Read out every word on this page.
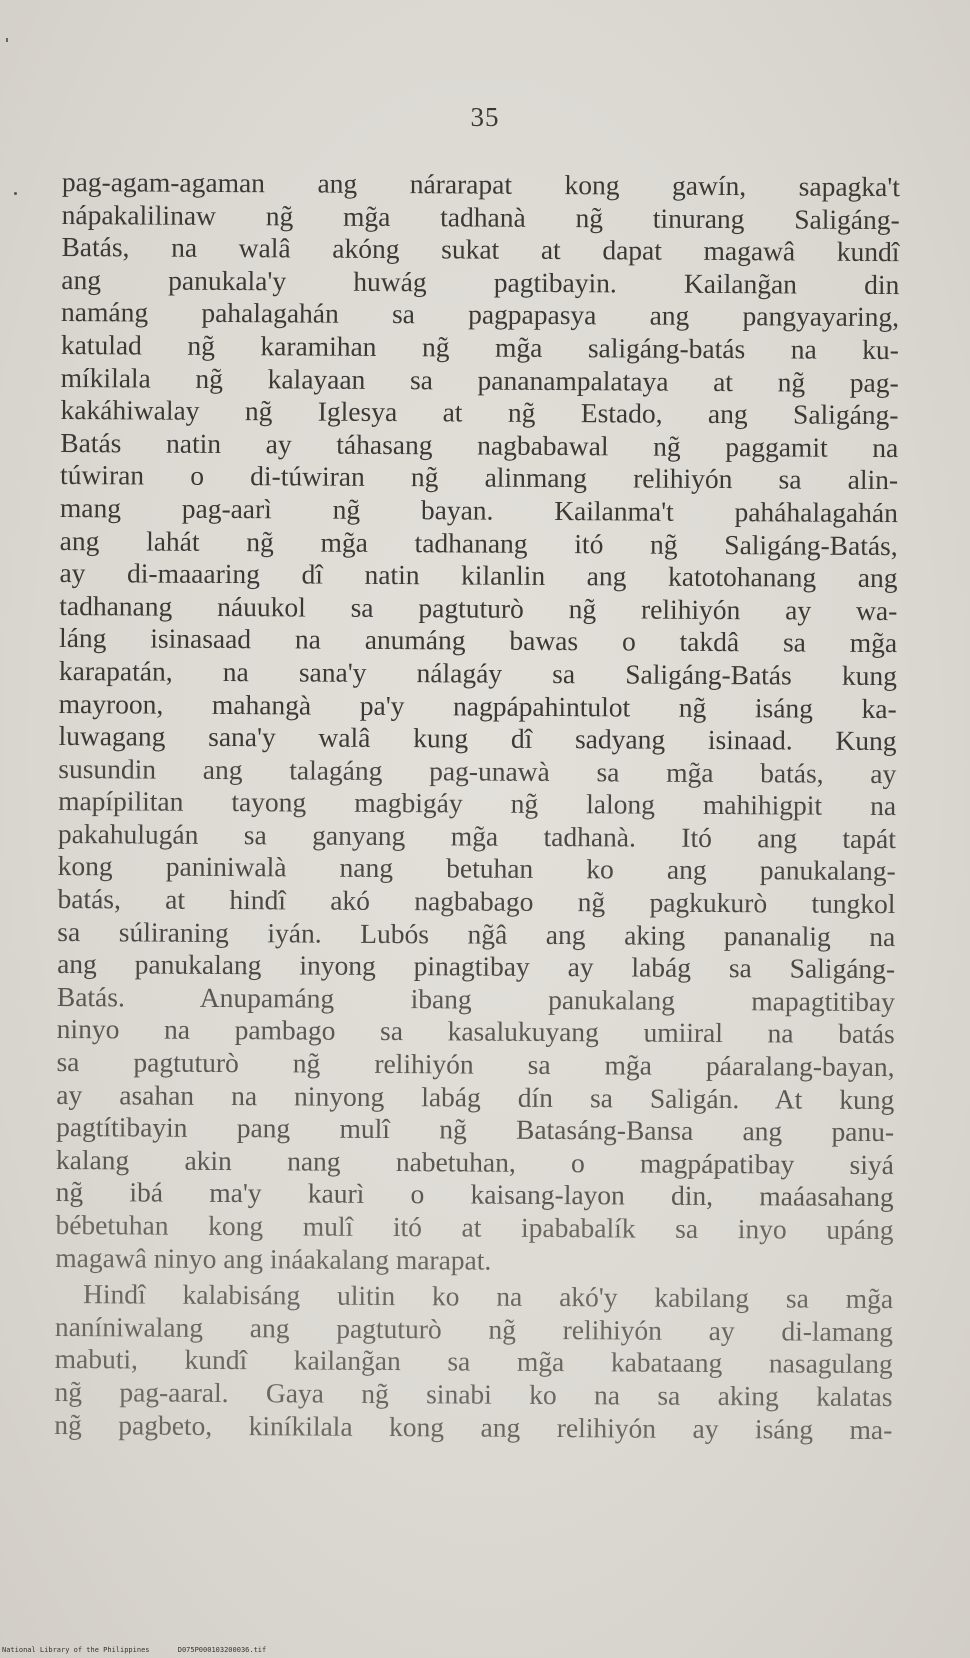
35
pag-agam-agaman ang nárarapat kong gawín, sapagka't
nápakalilinaw ng̃ mg̃a tadhanà ng̃ tinurang Saligáng-
Batás, na walâ akóng sukat at dapat magawâ kundî
ang panukala'y huwág pagtibayin. Kailang̃an din
namáng pahalagahán sa pagpapasya ang pangyayaring,
katulad ng̃ karamihan ng̃ mg̃a saligáng-batás na ku-
míkilala ng̃ kalayaan sa pananampalataya at ng̃ pag-
kakáhiwalay ng̃ Iglesya at ng̃ Estado, ang Saligáng-
Batás natin ay táhasang nagbabawal ng̃ paggamit na
túwiran o di-túwiran ng̃ alinmang relihiyón sa alin-
mang pag-aarì ng̃ bayan. Kailanma't paháhalagahán
ang lahát ng̃ mg̃a tadhanang itó ng̃ Saligáng-Batás,
ay di-maaaring dî natin kilanlin ang katotohanang ang
tadhanang náuukol sa pagtuturò ng̃ relihiyón ay wa-
láng isinasaad na anumáng bawas o takdâ sa mg̃a
karapatán, na sana'y nálagáy sa Saligáng-Batás kung
mayroon, mahangà pa'y nagpápahintulot ng̃ isáng ka-
luwagang sana'y walâ kung dî sadyang isinaad. Kung
susundin ang talagáng pag-unawà sa mg̃a batás, ay
mapípilitan tayong magbigáy ng̃ lalong mahihigpit na
pakahulugán sa ganyang mg̃a tadhanà. Itó ang tapát
kong paniniwalà nang betuhan ko ang panukalang-
batás, at hindî akó nagbabago ng̃ pagkukurò tungkol
sa súliraning iyán. Lubós ng̃â ang aking pananalig na
ang panukalang inyong pinagtibay ay labág sa Saligáng-
Batás. Anupamáng ibang panukalang mapagtitibay
ninyo na pambago sa kasalukuyang umiiral na batás
sa pagtuturò ng̃ relihiyón sa mg̃a páaralang-bayan,
ay asahan na ninyong labág dín sa Saligán. At kung
pagtítibayin pang mulî ng̃ Batasáng-Bansa ang panu-
kalang akin nang nabetuhan, o magpápatibay siyá
ng̃ ibá ma'y kaurì o kaisang-layon din, maáasahang
bébetuhan kong mulî itó at ipababalík sa inyo upáng
magawâ ninyo ang ináakalang marapat.
Hindî kalabisáng ulitin ko na akó'y kabilang sa mg̃a
naníniwalang ang pagtuturò ng̃ relihiyón ay di-lamang
mabuti, kundî kailang̃an sa mg̃a kabataang nasagulang
ng̃ pag-aaral. Gaya ng̃ sinabi ko na sa aking kalatas
ng̃ pagbeto, kiníkilala kong ang relihiyón ay isáng ma-
National Library of the Philippines	D075P000103200036.tif
